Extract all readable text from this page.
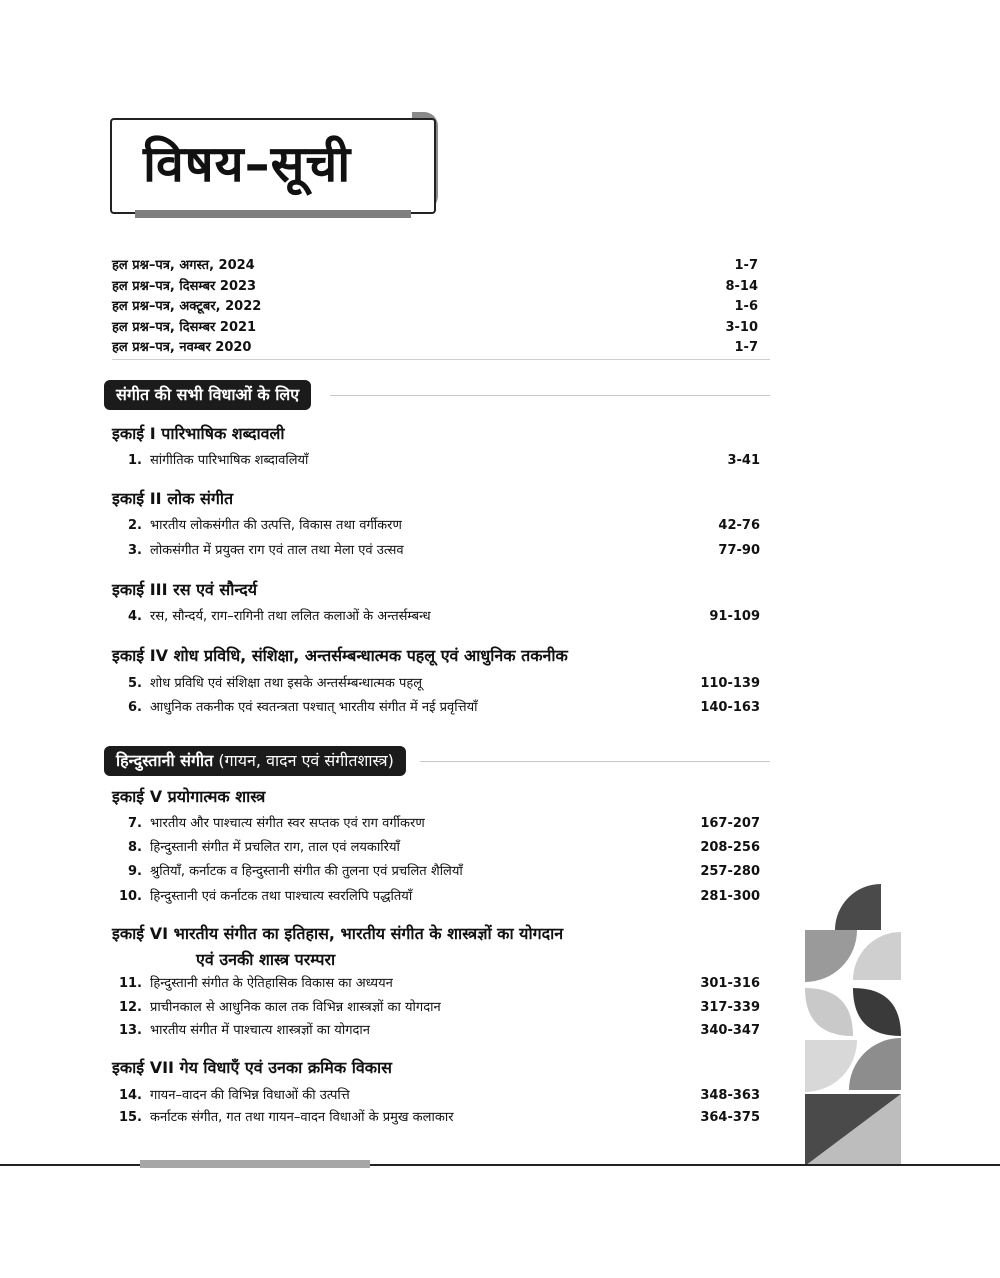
विषय–सूची
हल प्रश्न–पत्र, अगस्त, 2024	1-7
हल प्रश्न–पत्र, दिसम्बर 2023	8-14
हल प्रश्न–पत्र, अक्टूबर, 2022	1-6
हल प्रश्न–पत्र, दिसम्बर 2021	3-10
हल प्रश्न–पत्र, नवम्बर 2020	1-7
संगीत की सभी विधाओं के लिए
इकाई I पारिभाषिक शब्दावली
1. सांगीतिक पारिभाषिक शब्दावलियाँ	3-41
इकाई II लोक संगीत
2. भारतीय लोकसंगीत की उत्पत्ति, विकास तथा वर्गीकरण	42-76
3. लोकसंगीत में प्रयुक्त राग एवं ताल तथा मेला एवं उत्सव	77-90
इकाई III रस एवं सौन्दर्य
4. रस, सौन्दर्य, राग–रागिनी तथा ललित कलाओं के अन्तर्सम्बन्ध	91-109
इकाई IV शोध प्रविधि, संशिक्षा, अन्तर्सम्बन्धात्मक पहलू एवं आधुनिक तकनीक
5. शोध प्रविधि एवं संशिक्षा तथा इसके अन्तर्सम्बन्धात्मक पहलू	110-139
6. आधुनिक तकनीक एवं स्वतन्त्रता पश्चात् भारतीय संगीत में नई प्रवृत्तियाँ	140-163
हिन्दुस्तानी संगीत (गायन, वादन एवं संगीतशास्त्र)
इकाई V प्रयोगात्मक शास्त्र
7. भारतीय और पाश्चात्य संगीत स्वर सप्तक एवं राग वर्गीकरण	167-207
8. हिन्दुस्तानी संगीत में प्रचलित राग, ताल एवं लयकारियाँ	208-256
9. श्रुतियाँ, कर्नाटक व हिन्दुस्तानी संगीत की तुलना एवं प्रचलित शैलियाँ	257-280
10. हिन्दुस्तानी एवं कर्नाटक तथा पाश्चात्य स्वरलिपि पद्धतियाँ	281-300
इकाई VI भारतीय संगीत का इतिहास, भारतीय संगीत के शास्त्रज्ञों का योगदान
एवं उनकी शास्त्र परम्परा
11. हिन्दुस्तानी संगीत के ऐतिहासिक विकास का अध्ययन	301-316
12. प्राचीनकाल से आधुनिक काल तक विभिन्न शास्त्रज्ञों का योगदान	317-339
13. भारतीय संगीत में पाश्चात्य शास्त्रज्ञों का योगदान	340-347
इकाई VII गेय विधाएँ एवं उनका क्रमिक विकास
14. गायन–वादन की विभिन्न विधाओं की उत्पत्ति	348-363
15. कर्नाटक संगीत, गत तथा गायन–वादन विधाओं के प्रमुख कलाकार	364-375
